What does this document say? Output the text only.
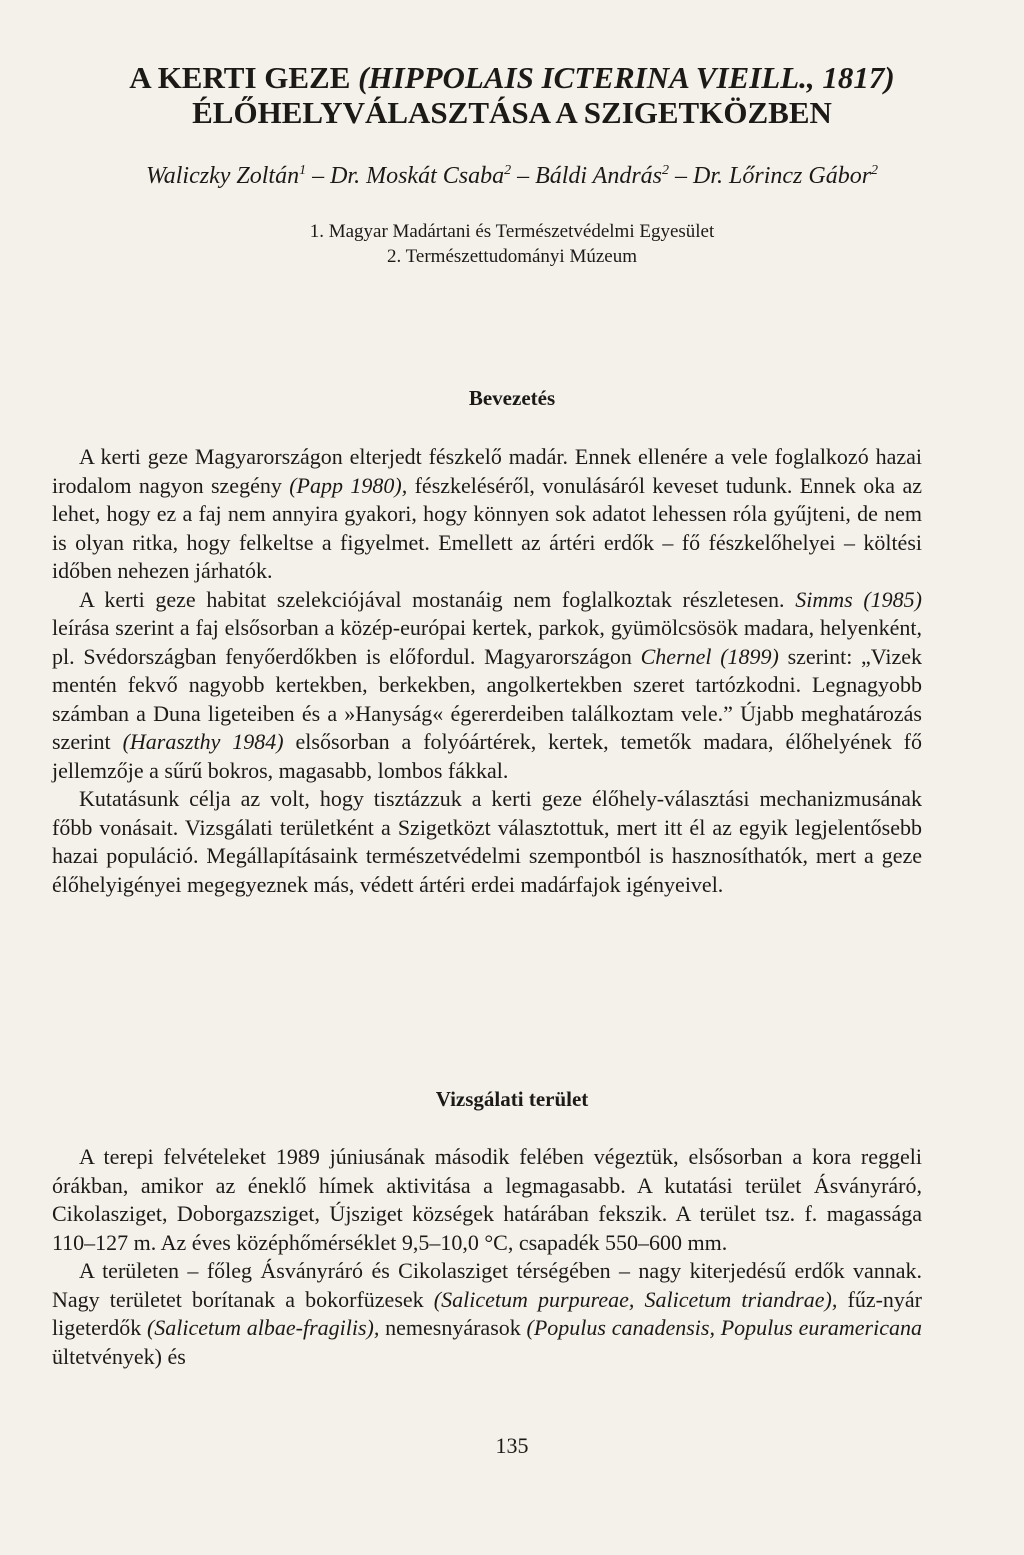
A KERTI GEZE (HIPPOLAIS ICTERINA VIEILL., 1817)
ÉLŐHELYVÁLASZTÁSA A SZIGETKÖZBEN
Waliczky Zoltán$^1$ – Dr. Moskát Csaba$^2$ – Báldi András$^2$ – Dr. Lőrincz Gábor$^2$
1. Magyar Madártani és Természetvédelmi Egyesület
2. Természettudományi Múzeum
Bevezetés

A kerti geze Magyarországon elterjedt fészkelő madár. Ennek ellenére a vele foglalkozó hazai irodalom nagyon szegény (Papp 1980), fészkeléséről, vonulásáról keveset tudunk. Ennek oka az lehet, hogy ez a faj nem annyira gyakori, hogy könnyen sok adatot lehessen róla gyűjteni, de nem is olyan ritka, hogy felkeltse a figyelmet. Emellett az ártéri erdők – fő fészkelőhelyei – költési időben nehezen járhatók.

A kerti geze habitat szelekciójával mostanáig nem foglalkoztak részletesen. Simms (1985) leírása szerint a faj elsősorban a közép-európai kertek, parkok, gyümölcsösök madara, helyenként, pl. Svédországban fenyőerdőkben is előfordul. Magyarországon Chernel (1899) szerint: „Vizek mentén fekvő nagyobb kertekben, berkekben, angolkertekben szeret tartózkodni. Legnagyobb számban a Duna ligeteiben és a »Hanyság« égererdeiben találkoztam vele.” Újabb meghatározás szerint (Haraszthy 1984) elsősorban a folyóártérek, kertek, temetők madara, élőhelyének fő jellemzője a sűrű bokros, magasabb, lombos fákkal.

Kutatásunk célja az volt, hogy tisztázzuk a kerti geze élőhely-választási mechanizmusának főbb vonásait. Vizsgálati területként a Szigetközt választottuk, mert itt él az egyik legjelentősebb hazai populáció. Megállapításaink természetvédelmi szempontból is hasznosíthatók, mert a geze élőhelyigényei megegyeznek más, védett ártéri erdei madárfajok igényeivel.

Vizsgálati terület

A terepi felvételeket 1989 júniusának második felében végeztük, elsősorban a kora reggeli órákban, amikor az éneklő hímek aktivitása a legmagasabb. A kutatási terület Ásványráró, Cikolasziget, Doborgazsziget, Újsziget községek határában fekszik. A terület tsz. f. magassága 110–127 m. Az éves középhőmérséklet 9,5–10,0 °C, csapadék 550–600 mm.

A területen – főleg Ásványráró és Cikolasziget térségében – nagy kiterjedésű erdők vannak. Nagy területet borítanak a bokorfüzesek (Salicetum purpureae, Salicetum triandrae), fűz-nyár ligeterdők (Salicetum albae-fragilis), nemesnyárasok (Populus canadensis, Populus euramericana ültetvények) és

135
